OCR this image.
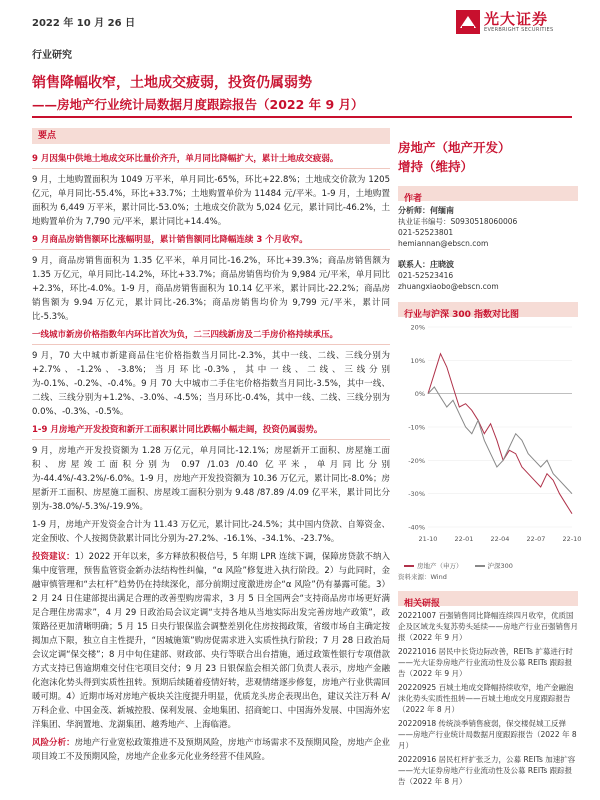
2022 年 10 月 26 日	光大证券
EVERBRIGHT SECURITIES
行业研究
销售降幅收窄，土地成交疲弱，投资仍属弱势
——房地产行业统计局数据月度跟踪报告（2022 年 9 月）
要点
9 月因集中供地土地成交环比量价齐升，单月同比降幅扩大，累计土地成交疲弱。
9 月，土地购置面积为 1049 万平米，单月同比-65%，环比+22.8%；土地成交价款为 1205 亿元，单月同比-55.4%，环比+33.7%；土地购置单价为 11484 元/平米。1-9 月，土地购置面积为 6,449 万平米，累计同比-53.0%；土地成交价款为 5,024 亿元，累计同比-46.2%，土地购置单价为 7,790 元/平米，累计同比+14.4%。
9 月商品房销售额环比涨幅明显，累计销售额同比降幅连续 3 个月收窄。
9 月，商品房销售面积为 1.35 亿平米，单月同比-16.2%，环比+39.3%；商品房销售额为 1.35 万亿元，单月同比-14.2%，环比+33.7%；商品房销售均价为 9,984 元/平米，单月同比+2.3%，环比-4.0%。1-9 月，商品房销售面积为 10.14 亿平米，累计同比-22.2%；商品房销售额为 9.94 万亿元，累计同比-26.3%；商品房销售均价为 9,799 元/平米，累计同比-5.3%。
一线城市新房价格指数年内环比首次为负，二三四线新房及二手房价格持续承压。
9 月，70 大中城市新建商品住宅价格指数当月同比-2.3%，其中一线、二线、三线分别为+2.7%、-1.2%、-3.8%；当月环比-0.3%，其中一线、二线、三线分别为-0.1%、-0.2%、-0.4%。9 月 70 大中城市二手住宅价格指数当月同比-3.5%，其中一线、二线、三线分别为+1.2%、-3.0%、-4.5%；当月环比-0.4%，其中一线、二线、三线分别为 0.0%、-0.3%、-0.5%。
1-9 月房地产开发投资和新开工面积累计同比跌幅小幅走阔，投资仍属弱势。
9 月，房地产开发投资额为 1.28 万亿元，单月同比-12.1%；房屋新开工面积、房屋施工面积、房屋竣工面积分别为 0.97 /1.03 /0.40 亿平米，单月同比分别为-44.4%/-43.2%/-6.0%。1-9 月，房地产开发投资额为 10.36 万亿元，累计同比-8.0%；房屋新开工面积、房屋施工面积、房屋竣工面积分别为 9.48 /87.89 /4.09 亿平米，累计同比分别为-38.0%/-5.3%/-19.9%。
1-9 月，房地产开发资金合计为 11.43 万亿元，累计同比-24.5%；其中国内贷款、自筹资金、定金预收、个人按揭贷款累计同比分别为-27.2%、-16.1%、-34.1%、-23.7%。
投资建议：1）2022 开年以来，多方释放积极信号，5 年期 LPR 连续下调，保障房贷款不纳入集中度管理，预售监管资金新办法结构性纠偏，“α 风险”修复进入执行阶段。2）与此同时，金融审慎管理和“去杠杆”趋势仍在持续深化，部分前期过度激进房企“α 风险”仍有暴露可能。3）2 月 24 日住建部提出满足合理的改善型购房需求，3 月 5 日全国两会“支持商品房市场更好满足合理住房需求”，4 月 29 日政治局会议定调“支持各地从当地实际出发完善房地产政策”，政策路径更加清晰明确；5 月 15 日央行银保监会调整差别化住房按揭政策，省级市场自主确定按揭加点下限，独立自主性提升，“因城施策”购房促需求进入实质性执行阶段；7 月 28 日政治局会议定调“保交楼”；8 月中旬住建部、财政部、央行等联合出台措施，通过政策性银行专项借款方式支持已售逾期难交付住宅项目交付；9 月 23 日银保监会相关部门负责人表示，房地产金融化泡沫化势头得到实质性扭转。预期后续随着疫情好转，悲观情绪逐步修复，房地产行业供需回暖可期。4）近期市场对房地产板块关注度提升明显，优质龙头房企表现出色，建议关注万科 A/万科企业、中国金茂、新城控股、保利发展、金地集团、招商蛇口、中国海外发展、中国海外宏洋集团、华润置地、龙湖集团、越秀地产、上海临港。
风险分析：房地产行业宽松政策推进不及预期风险，房地产市场需求不及预期风险，房地产企业项目竣工不及预期风险，房地产企业多元化业务经营不佳风险。
房地产（地产开发）
增持（维持）
作者
分析师：何缅南
执业证书编号：S0930518060006
021-52523801
hemiannan@ebscn.com
联系人：庄晓波
021-52523416
zhuangxiaobo@ebscn.com
行业与沪深 300 指数对比图
20%
10%
0%
-10%
-20%
-30%
-40%
21-10	22-01	22-04	22-07	22-10
房地产（申万）	沪深300
资料来源：Wind
相关研报
20221007 百强销售同比降幅连续四月收窄，优质国企及区域龙头复苏势头延续——房地产行业百强销售月报（2022 年 9 月）
20221016 居民中长贷边际改善，REITs 扩募进行时——光大证券房地产行业流动性及公募 REITs 跟踪报告（2022 年 9 月）
20220925 百城土地成交降幅持续收窄，地产金融泡沫化势头实质性扭转——百城土地成交月度跟踪报告（2022 年 8 月）
20220918 传统淡季销售疲弱，保交楼促城工反弹——房地产行业统计局数据月度跟踪报告（2022 年 8 月）
20220916 居民杠杆扩张乏力，公募 REITs 加速扩容——光大证券房地产行业流动性及公募 REITs 跟踪报告（2022 年 8 月）
